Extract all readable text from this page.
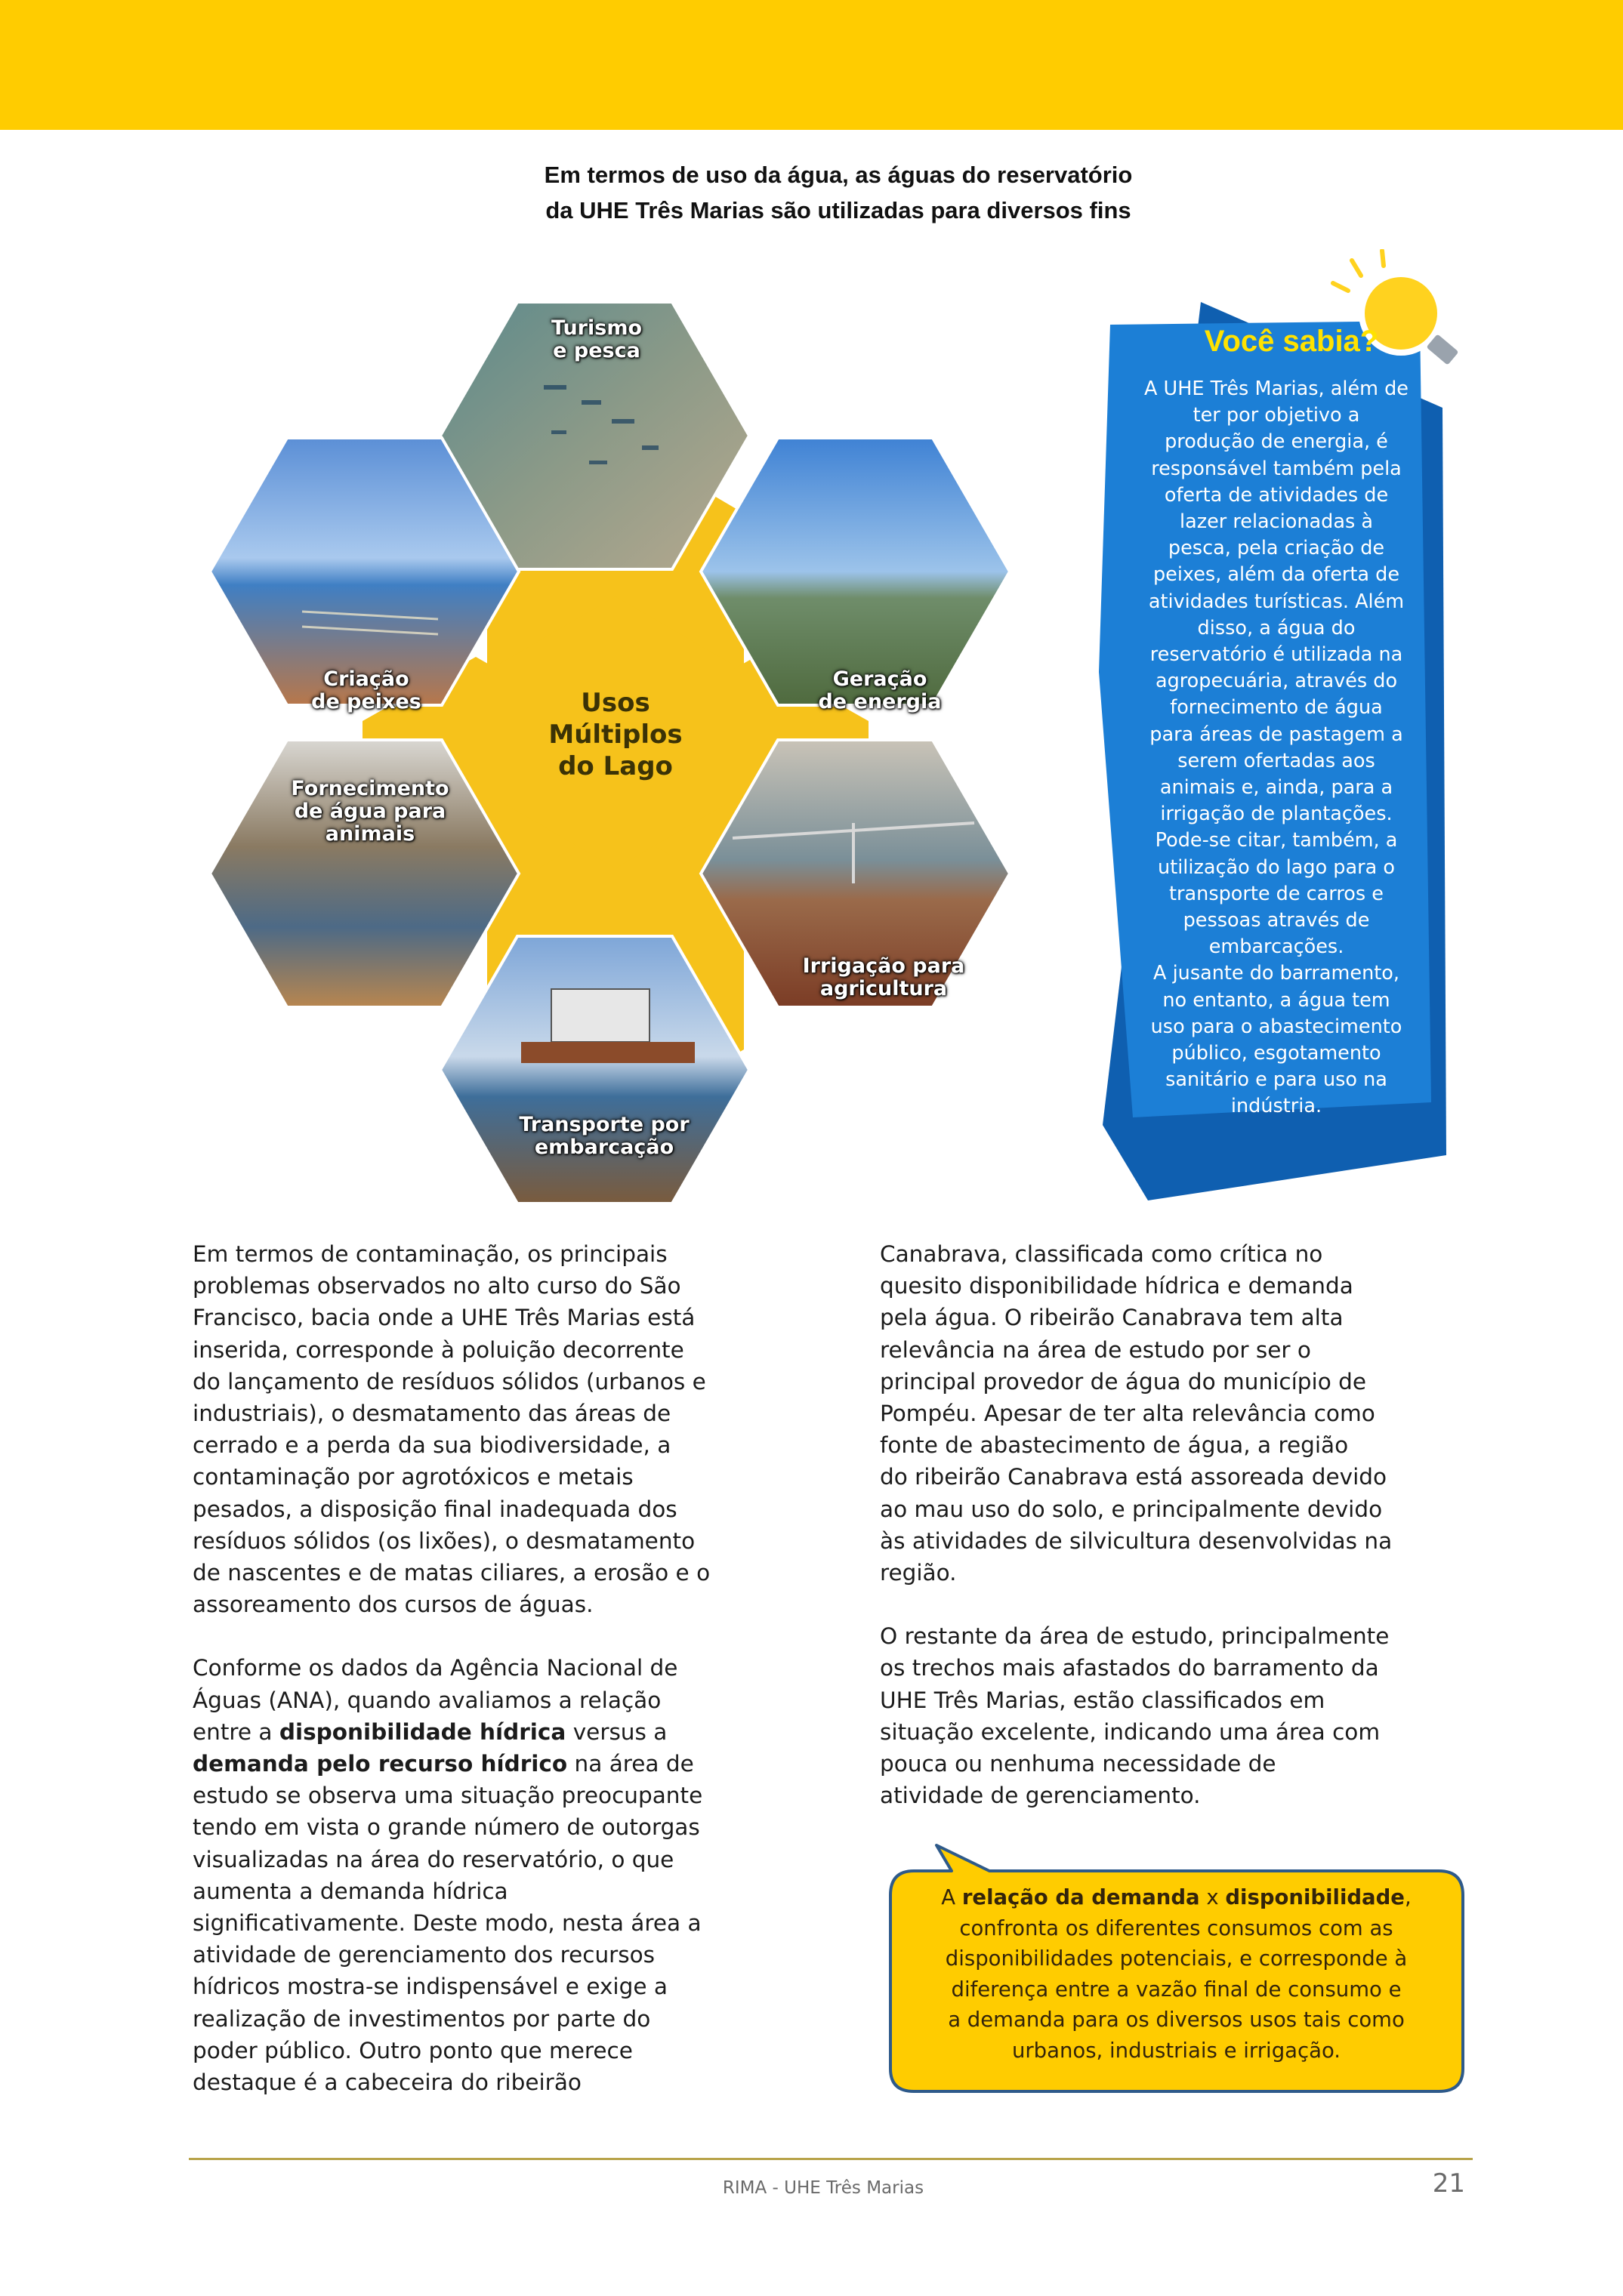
Em termos de uso da água, as águas do reservatório
da UHE Três Marias são utilizadas para diversos fins
Turismo
e pesca
Criação
de peixes
Geração
de energia
Fornecimento
de água para
animais
Irrigação para
agricultura
Transporte por
embarcação
Usos
Múltiplos
do Lago
Você sabia?
A UHE Três Marias, além de
ter por objetivo a
produção de energia, é
responsável também pela
oferta de atividades de
lazer relacionadas à
pesca, pela criação de
peixes, além da oferta de
atividades turísticas. Além
disso, a água do
reservatório é utilizada na
agropecuária, através do
fornecimento de água
para áreas de pastagem a
serem ofertadas aos
animais e, ainda, para a
irrigação de plantações.
Pode-se citar, também, a
utilização do lago para o
transporte de carros e
pessoas através de
embarcações.
A jusante do barramento,
no entanto, a água tem
uso para o abastecimento
público, esgotamento
sanitário e para uso na
indústria.
Em termos de contaminação, os principais
problemas observados no alto curso do São
Francisco, bacia onde a UHE Três Marias está
inserida, corresponde à poluição decorrente
do lançamento de resíduos sólidos (urbanos e
industriais), o desmatamento das áreas de
cerrado e a perda da sua biodiversidade, a
contaminação por agrotóxicos e metais
pesados, a disposição final inadequada dos
resíduos sólidos (os lixões), o desmatamento
de nascentes e de matas ciliares, a erosão e o
assoreamento dos cursos de águas.
Conforme os dados da Agência Nacional de
Águas (ANA), quando avaliamos a relação
entre a disponibilidade hídrica versus a
demanda pelo recurso hídrico na área de
estudo se observa uma situação preocupante
tendo em vista o grande número de outorgas
visualizadas na área do reservatório, o que
aumenta a demanda hídrica
significativamente. Deste modo, nesta área a
atividade de gerenciamento dos recursos
hídricos mostra-se indispensável e exige a
realização de investimentos por parte do
poder público. Outro ponto que merece
destaque é a cabeceira do ribeirão
Canabrava, classificada como crítica no
quesito disponibilidade hídrica e demanda
pela água. O ribeirão Canabrava tem alta
relevância na área de estudo por ser o
principal provedor de água do município de
Pompéu. Apesar de ter alta relevância como
fonte de abastecimento de água, a região
do ribeirão Canabrava está assoreada devido
ao mau uso do solo, e principalmente devido
às atividades de silvicultura desenvolvidas na
região.
O restante da área de estudo, principalmente
os trechos mais afastados do barramento da
UHE Três Marias, estão classificados em
situação excelente, indicando uma área com
pouca ou nenhuma necessidade de
atividade de gerenciamento.
A relação da demanda x disponibilidade,
confronta os diferentes consumos com as
disponibilidades potenciais, e corresponde à
diferença entre a vazão final de consumo e
a demanda para os diversos usos tais como
urbanos, industriais e irrigação.
RIMA - UHE Três Marias	21
